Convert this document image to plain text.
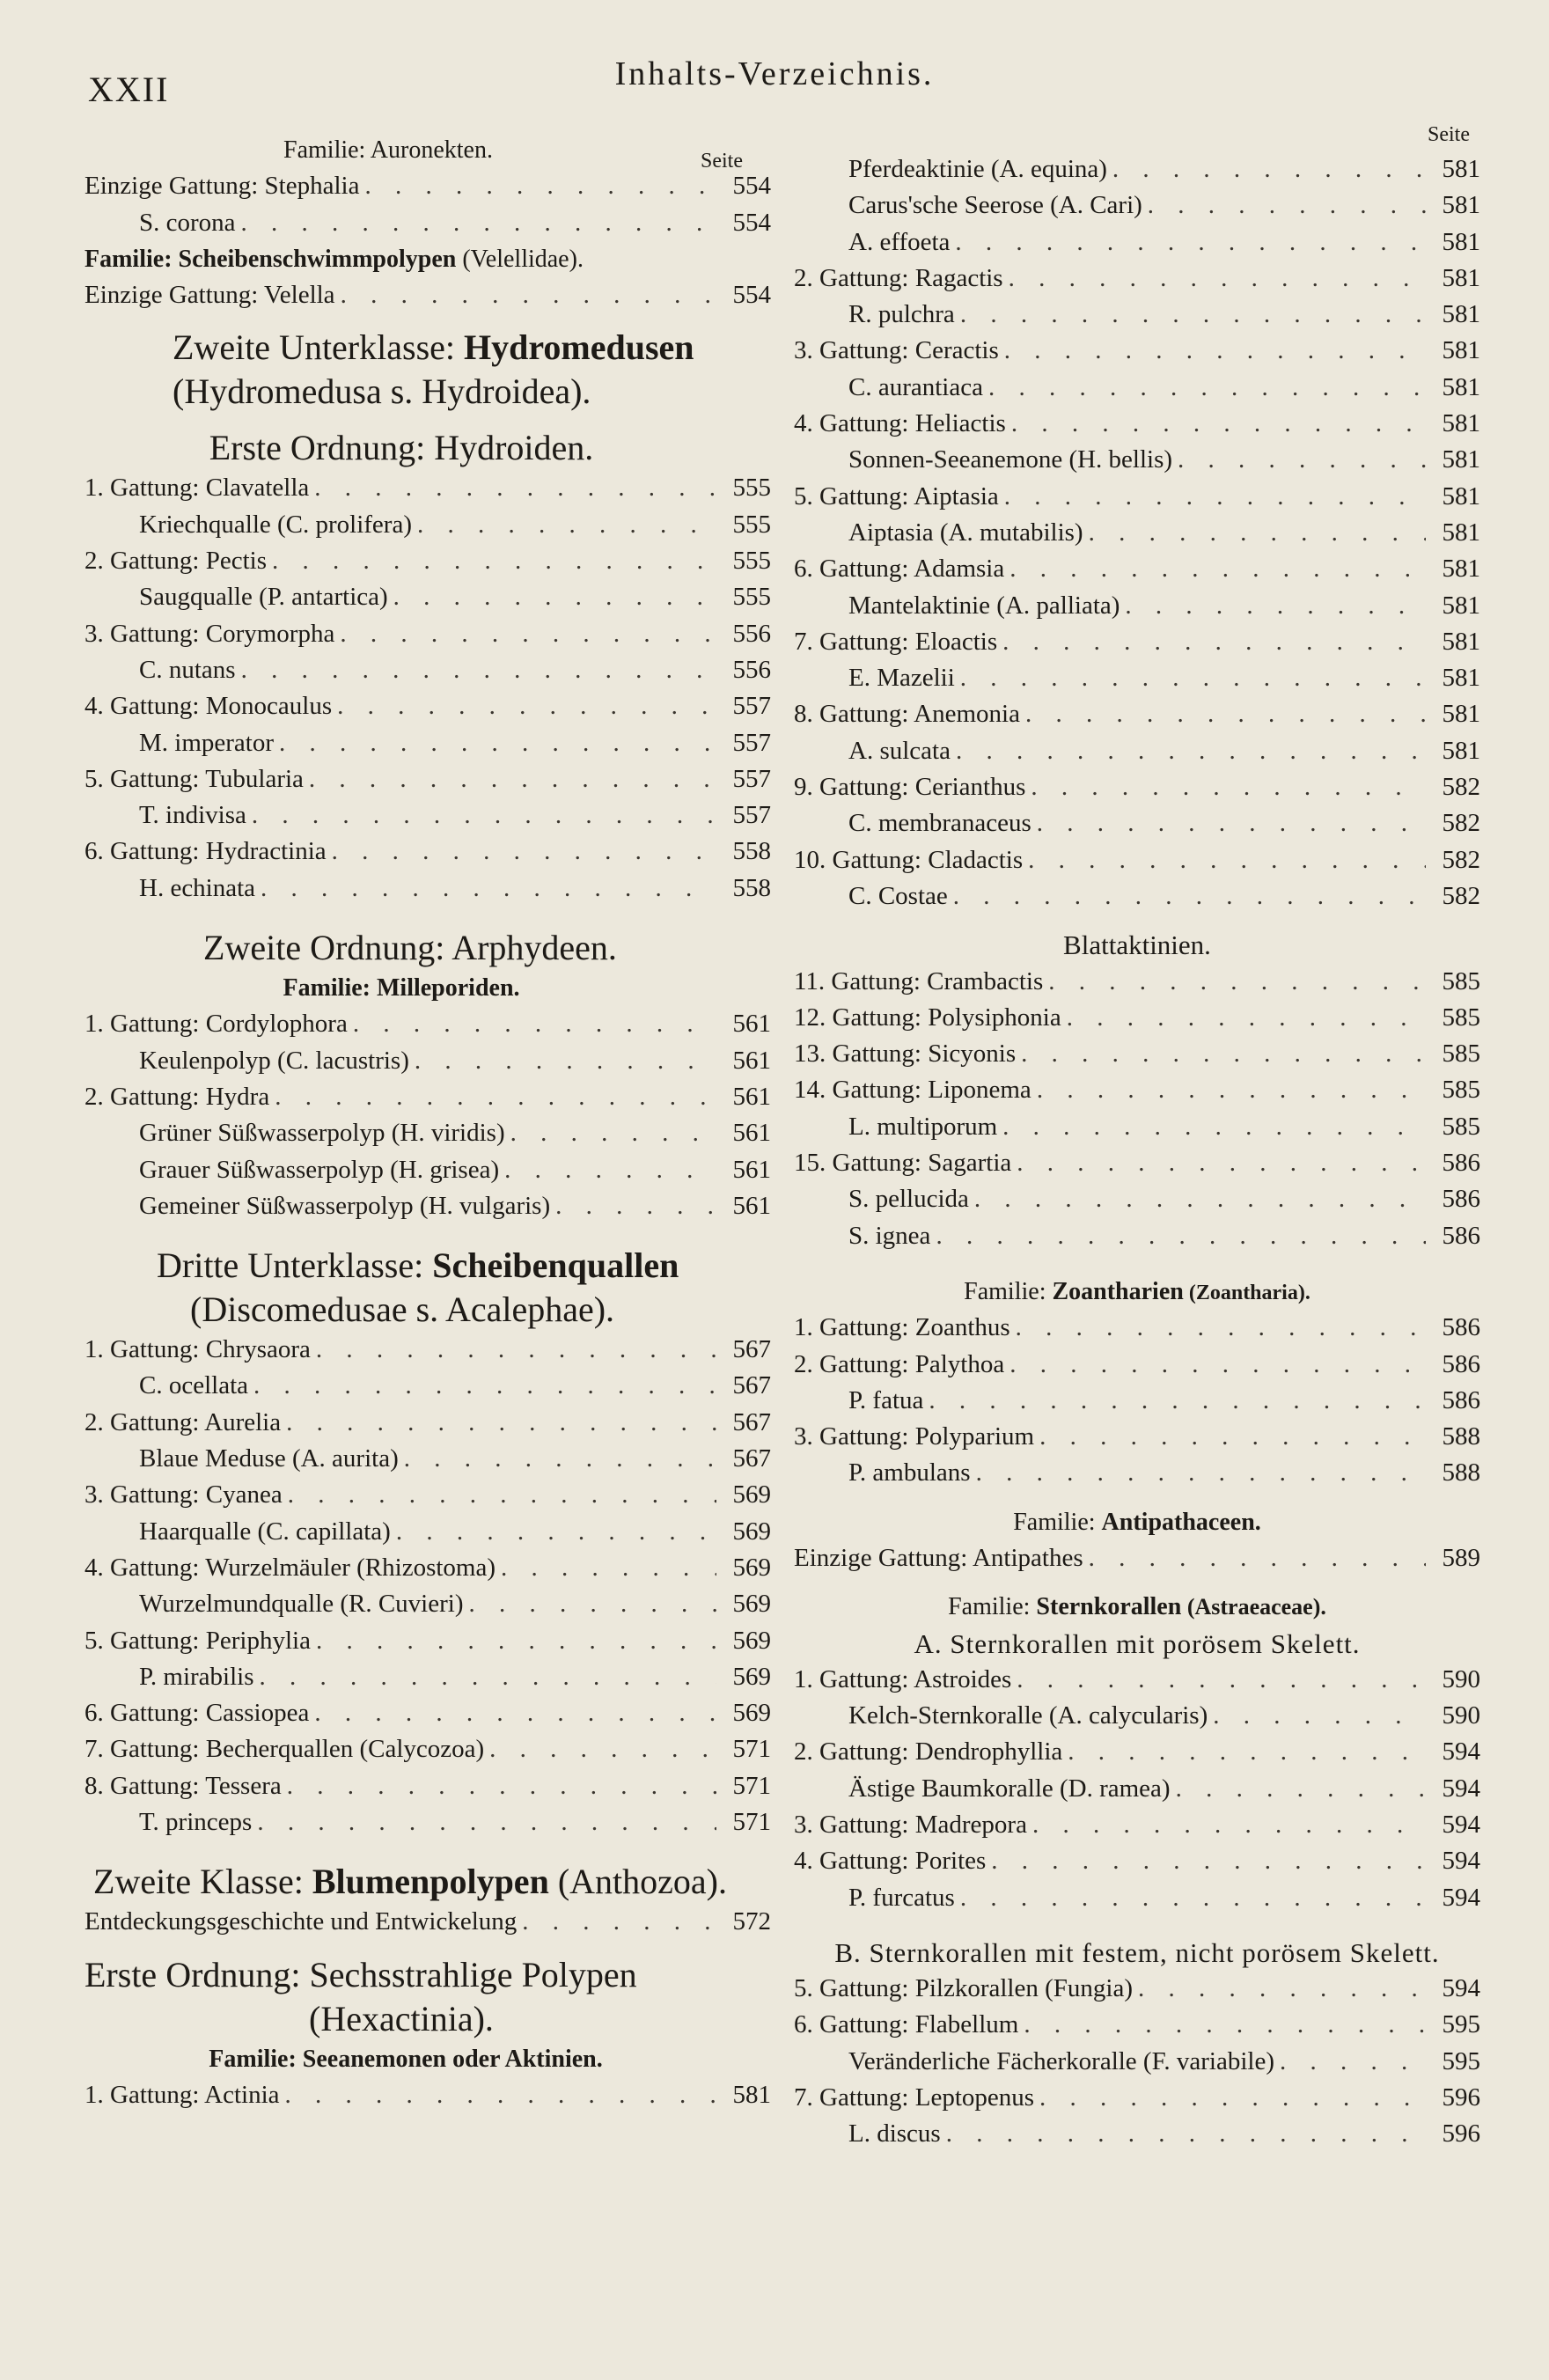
XXII	Inhalts-Verzeichnis.
Seite
Seite
Familie: Auronekten.
Einzige Gattung: Stephalia . . .	554
S. corona . . .	554
Familie: Scheibenschwimmpolypen (Velellidae).
Einzige Gattung: Velella . . .	554
Zweite Unterklasse: Hydromedusen
(Hydromedusa s. Hydroidea).
Erste Ordnung: Hydroiden.
1. Gattung: Clavatella . . .	555
Kriechqualle (C. prolifera) . . .	555
2. Gattung: Pectis . . .	555
Saugqualle (P. antartica) . . .	555
3. Gattung: Corymorpha . . .	556
C. nutans . . .	556
4. Gattung: Monocaulus . . .	557
M. imperator . . .	557
5. Gattung: Tubularia . . .	557
T. indivisa . . .	557
6. Gattung: Hydractinia . . .	558
H. echinata . . .	558
Zweite Ordnung: Arphydeen.
Familie: Milleporiden.
1. Gattung: Cordylophora . . .	561
Keulenpolyp (C. lacustris) . . .	561
2. Gattung: Hydra . . .	561
Grüner Süßwasserpolyp (H. viridis) . . .	561
Grauer Süßwasserpolyp (H. grisea) . . .	561
Gemeiner Süßwasserpolyp (H. vulgaris) . . .	561
Dritte Unterklasse: Scheibenquallen
(Discomedusae s. Acalephae).
1. Gattung: Chrysaora . . .	567
C. ocellata . . .	567
2. Gattung: Aurelia . . .	567
Blaue Meduse (A. aurita) . . .	567
3. Gattung: Cyanea . . .	569
Haarqualle (C. capillata) . . .	569
4. Gattung: Wurzelmäuler (Rhizostoma) . . .	569
Wurzelmundqualle (R. Cuvieri) . . .	569
5. Gattung: Periphylia . . .	569
P. mirabilis . . .	569
6. Gattung: Cassiopea . . .	569
7. Gattung: Becherquallen (Calycozoa) . . .	571
8. Gattung: Tessera . . .	571
T. princeps . . .	571
Zweite Klasse: Blumenpolypen (Anthozoa).
Entdeckungsgeschichte und Entwickelung . . .	572
Erste Ordnung: Sechsstrahlige Polypen
(Hexactinia).
Familie: Seeanemonen oder Aktinien.
1. Gattung: Actinia . . .	581
Pferdeaktinie (A. equina) . . .	581
Carus'sche Seerose (A. Cari) . . .	581
A. effoeta . . .	581
2. Gattung: Ragactis . . .	581
R. pulchra . . .	581
3. Gattung: Ceractis . . .	581
C. aurantiaca . . .	581
4. Gattung: Heliactis . . .	581
Sonnen-Seeanemone (H. bellis) . . .	581
5. Gattung: Aiptasia . . .	581
Aiptasia (A. mutabilis) . . .	581
6. Gattung: Adamsia . . .	581
Mantelaktinie (A. palliata) . . .	581
7. Gattung: Eloactis . . .	581
E. Mazelii . . .	581
8. Gattung: Anemonia . . .	581
A. sulcata . . .	581
9. Gattung: Cerianthus . . .	582
C. membranaceus . . .	582
10. Gattung: Cladactis . . .	582
C. Costae . . .	582
Blattaktinien.
11. Gattung: Crambactis . . .	585
12. Gattung: Polysiphonia . . .	585
13. Gattung: Sicyonis . . .	585
14. Gattung: Liponema . . .	585
L. multiporum . . .	585
15. Gattung: Sagartia . . .	586
S. pellucida . . .	586
S. ignea . . .	586
Familie: Zoantharien (Zoantharia).
1. Gattung: Zoanthus . . .	586
2. Gattung: Palythoa . . .	586
P. fatua . . .	586
3. Gattung: Polyparium . . .	588
P. ambulans . . .	588
Familie: Antipathaceen.
Einzige Gattung: Antipathes . . .	589
Familie: Sternkorallen (Astraeaceae).
A. Sternkorallen mit porösem Skelett.
1. Gattung: Astroides . . .	590
Kelch-Sternkoralle (A. calycularis) . . .	590
2. Gattung: Dendrophyllia . . .	594
Ästige Baumkoralle (D. ramea) . . .	594
3. Gattung: Madrepora . . .	594
4. Gattung: Porites . . .	594
P. furcatus . . .	594
B. Sternkorallen mit festem, nicht porösem Skelett.
5. Gattung: Pilzkorallen (Fungia) . . .	594
6. Gattung: Flabellum . . .	595
Veränderliche Fächerkoralle (F. variabile) . . .	595
7. Gattung: Leptopenus . . .	596
L. discus . . .	596
